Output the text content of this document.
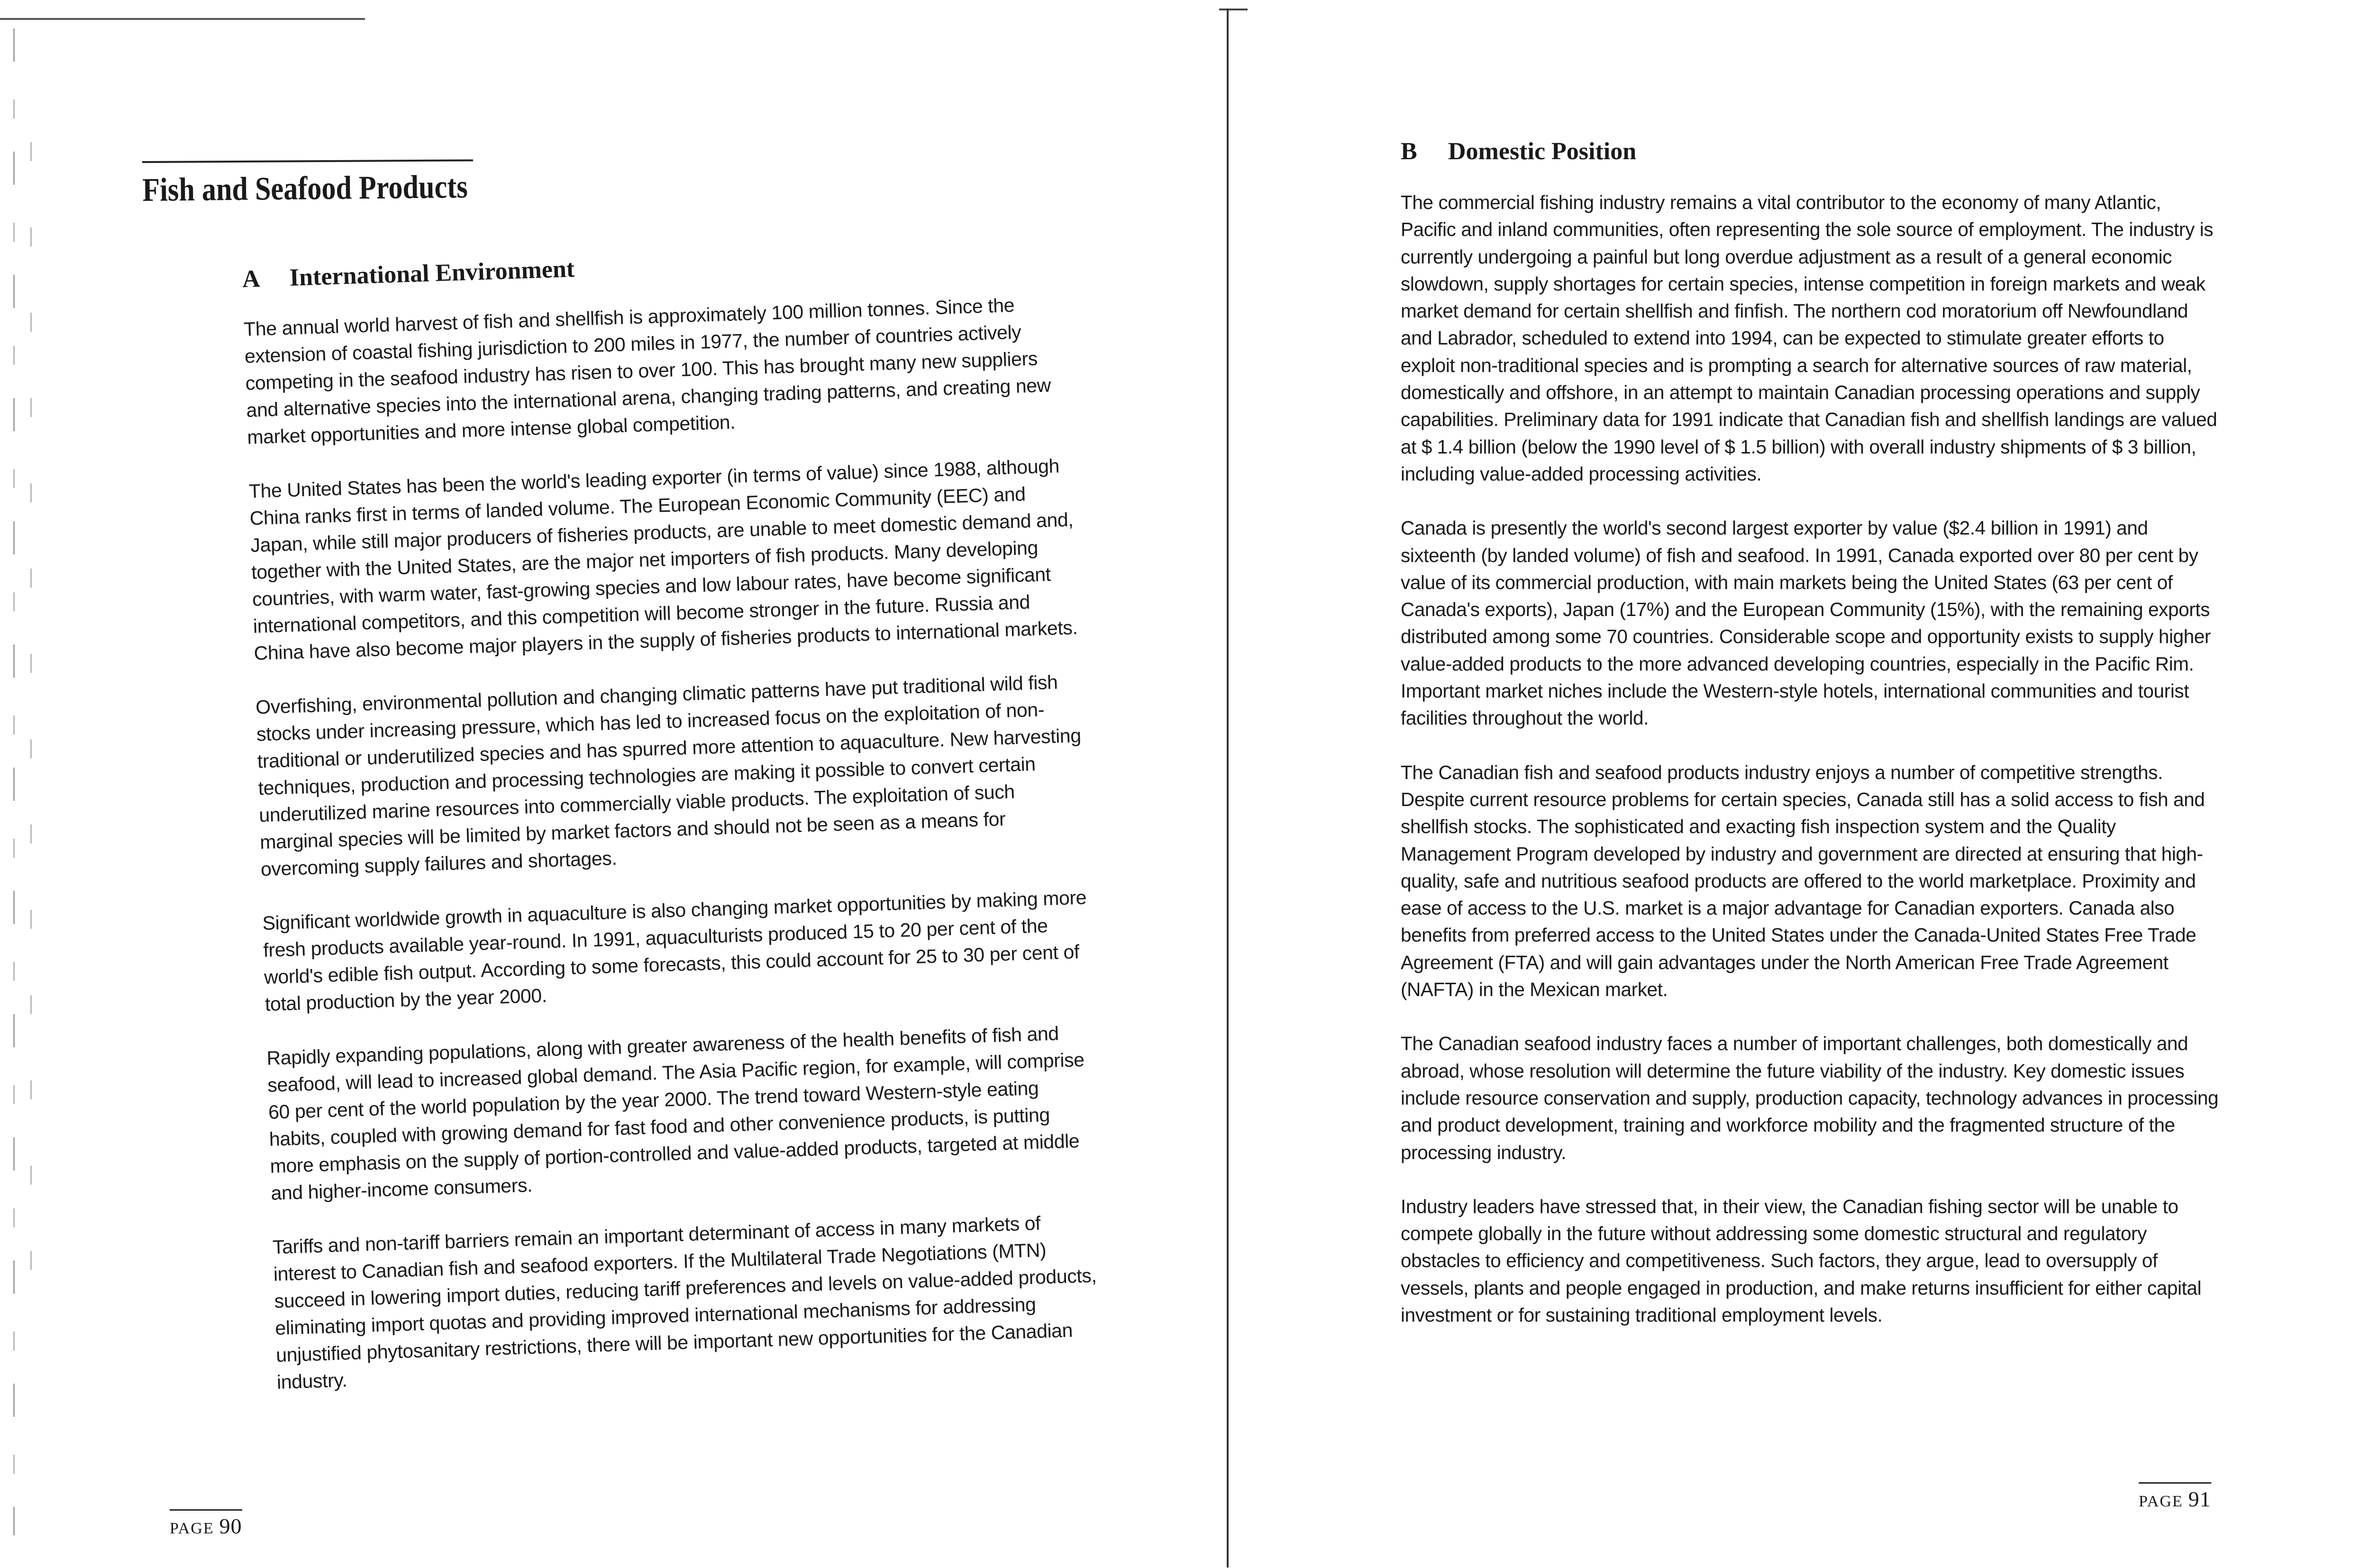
Fish and Seafood Products
A International Environment

The annual world harvest of fish and shellfish is approximately 100 million tonnes. Since the extension of coastal fishing jurisdiction to 200 miles in 1977, the number of countries actively competing in the seafood industry has risen to over 100. This has brought many new suppliers and alternative species into the international arena, changing trading patterns, and creating new market opportunities and more intense global competition.

The United States has been the world's leading exporter (in terms of value) since 1988, although China ranks first in terms of landed volume. The European Economic Community (EEC) and Japan, while still major producers of fisheries products, are unable to meet domestic demand and, together with the United States, are the major net importers of fish products. Many developing countries, with warm water, fast-growing species and low labour rates, have become significant international competitors, and this competition will become stronger in the future. Russia and China have also become major players in the supply of fisheries products to international markets.

Overfishing, environmental pollution and changing climatic patterns have put traditional wild fish stocks under increasing pressure, which has led to increased focus on the exploitation of non-traditional or underutilized species and has spurred more attention to aquaculture. New harvesting techniques, production and processing technologies are making it possible to convert certain underutilized marine resources into commercially viable products. The exploitation of such marginal species will be limited by market factors and should not be seen as a means for overcoming supply failures and shortages.

Significant worldwide growth in aquaculture is also changing market opportunities by making more fresh products available year-round. In 1991, aquaculturists produced 15 to 20 per cent of the world's edible fish output. According to some forecasts, this could account for 25 to 30 per cent of total production by the year 2000.

Rapidly expanding populations, along with greater awareness of the health benefits of fish and seafood, will lead to increased global demand. The Asia Pacific region, for example, will comprise 60 per cent of the world population by the year 2000. The trend toward Western-style eating habits, coupled with growing demand for fast food and other convenience products, is putting more emphasis on the supply of portion-controlled and value-added products, targeted at middle and higher-income consumers.

Tariffs and non-tariff barriers remain an important determinant of access in many markets of interest to Canadian fish and seafood exporters. If the Multilateral Trade Negotiations (MTN) succeed in lowering import duties, reducing tariff preferences and levels on value-added products, eliminating import quotas and providing improved international mechanisms for addressing unjustified phytosanitary restrictions, there will be important new opportunities for the Canadian industry.

PAGE 90
B Domestic Position

The commercial fishing industry remains a vital contributor to the economy of many Atlantic, Pacific and inland communities, often representing the sole source of employment. The industry is currently undergoing a painful but long overdue adjustment as a result of a general economic slowdown, supply shortages for certain species, intense competition in foreign markets and weak market demand for certain shellfish and finfish. The northern cod moratorium off Newfoundland and Labrador, scheduled to extend into 1994, can be expected to stimulate greater efforts to exploit non-traditional species and is prompting a search for alternative sources of raw material, domestically and offshore, in an attempt to maintain Canadian processing operations and supply capabilities. Preliminary data for 1991 indicate that Canadian fish and shellfish landings are valued at $ 1.4 billion (below the 1990 level of $ 1.5 billion) with overall industry shipments of $ 3 billion, including value-added processing activities.

Canada is presently the world's second largest exporter by value ($2.4 billion in 1991) and sixteenth (by landed volume) of fish and seafood. In 1991, Canada exported over 80 per cent by value of its commercial production, with main markets being the United States (63 per cent of Canada's exports), Japan (17%) and the European Community (15%), with the remaining exports distributed among some 70 countries. Considerable scope and opportunity exists to supply higher value-added products to the more advanced developing countries, especially in the Pacific Rim. Important market niches include the Western-style hotels, international communities and tourist facilities throughout the world.

The Canadian fish and seafood products industry enjoys a number of competitive strengths. Despite current resource problems for certain species, Canada still has a solid access to fish and shellfish stocks. The sophisticated and exacting fish inspection system and the Quality Management Program developed by industry and government are directed at ensuring that high-quality, safe and nutritious seafood products are offered to the world marketplace. Proximity and ease of access to the U.S. market is a major advantage for Canadian exporters. Canada also benefits from preferred access to the United States under the Canada-United States Free Trade Agreement (FTA) and will gain advantages under the North American Free Trade Agreement (NAFTA) in the Mexican market.

The Canadian seafood industry faces a number of important challenges, both domestically and abroad, whose resolution will determine the future viability of the industry. Key domestic issues include resource conservation and supply, production capacity, technology advances in processing and product development, training and workforce mobility and the fragmented structure of the processing industry.

Industry leaders have stressed that, in their view, the Canadian fishing sector will be unable to compete globally in the future without addressing some domestic structural and regulatory obstacles to efficiency and competitiveness. Such factors, they argue, lead to oversupply of vessels, plants and people engaged in production, and make returns insufficient for either capital investment or for sustaining traditional employment levels.

PAGE 91
